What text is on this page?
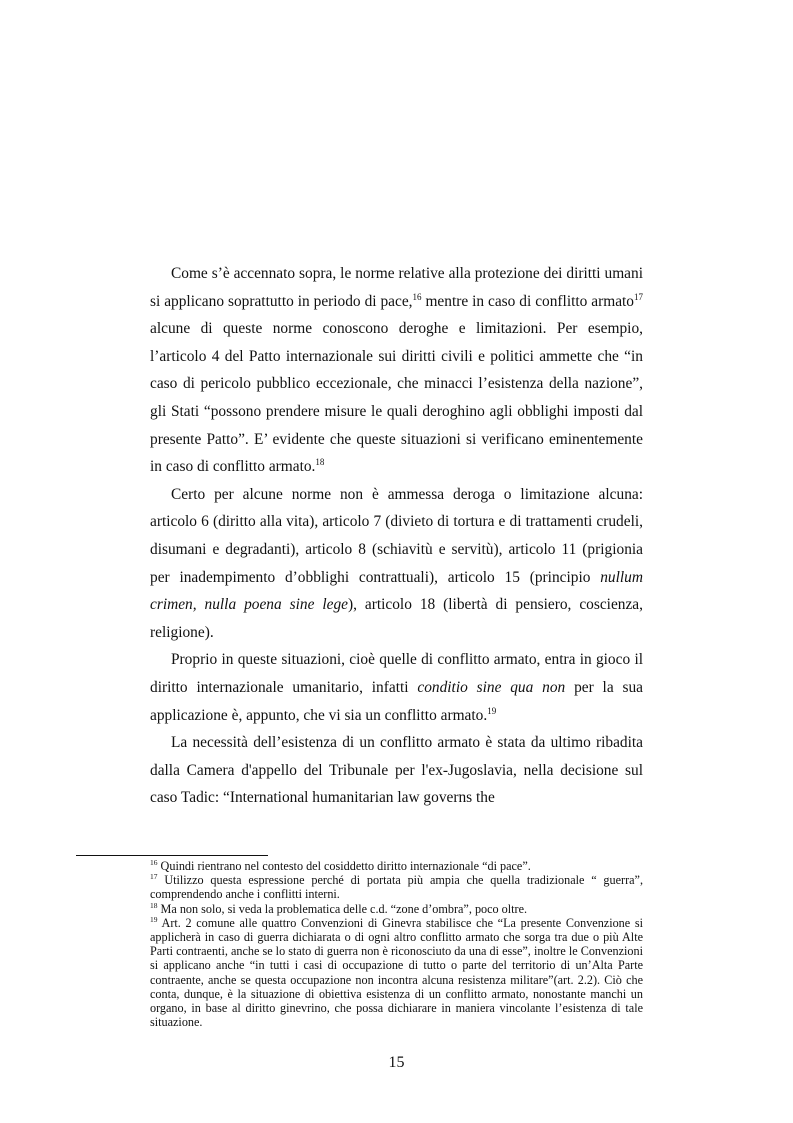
Come s’è accennato sopra, le norme relative alla protezione dei diritti umani si applicano soprattutto in periodo di pace,$^{16}$ mentre in caso di conflitto armato$^{17}$ alcune di queste norme conoscono deroghe e limitazioni. Per esempio, l’articolo 4 del Patto internazionale sui diritti civili e politici ammette che “in caso di pericolo pubblico eccezionale, che minacci l’esistenza della nazione”, gli Stati “possono prendere misure le quali deroghino agli obblighi imposti dal presente Patto”. E’ evidente che queste situazioni si verificano eminentemente in caso di conflitto armato.$^{18}$

Certo per alcune norme non è ammessa deroga o limitazione alcuna: articolo 6 (diritto alla vita), articolo 7 (divieto di tortura e di trattamenti crudeli, disumani e degradanti), articolo 8 (schiavitù e servitù), articolo 11 (prigionia per inadempimento d’obblighi contrattuali), articolo 15 (principio nullum crimen, nulla poena sine lege), articolo 18 (libertà di pensiero, coscienza, religione).

Proprio in queste situazioni, cioè quelle di conflitto armato, entra in gioco il diritto internazionale umanitario, infatti conditio sine qua non per la sua applicazione è, appunto, che vi sia un conflitto armato.$^{19}$

La necessità dell’esistenza di un conflitto armato è stata da ultimo ribadita dalla Camera d'appello del Tribunale per l'ex-Jugoslavia, nella decisione sul caso Tadic: “International humanitarian law governs the

$^{16}$ Quindi rientrano nel contesto del cosiddetto diritto internazionale “di pace”.

$^{17}$ Utilizzo questa espressione perché di portata più ampia che quella tradizionale “ guerra”, comprendendo anche i conflitti interni.

$^{18}$ Ma non solo, si veda la problematica delle c.d. “zone d’ombra”, poco oltre.

$^{19}$ Art. 2 comune alle quattro Convenzioni di Ginevra stabilisce che “La presente Convenzione si applicherà in caso di guerra dichiarata o di ogni altro conflitto armato che sorga tra due o più Alte Parti contraenti, anche se lo stato di guerra non è riconosciuto da una di esse”, inoltre le Convenzioni si applicano anche “in tutti i casi di occupazione di tutto o parte del territorio di un’Alta Parte contraente, anche se questa occupazione non incontra alcuna resistenza militare”(art. 2.2). Ciò che conta, dunque, è la situazione di obiettiva esistenza di un conflitto armato, nonostante manchi un organo, in base al diritto ginevrino, che possa dichiarare in maniera vincolante l’esistenza di tale situazione.

15
